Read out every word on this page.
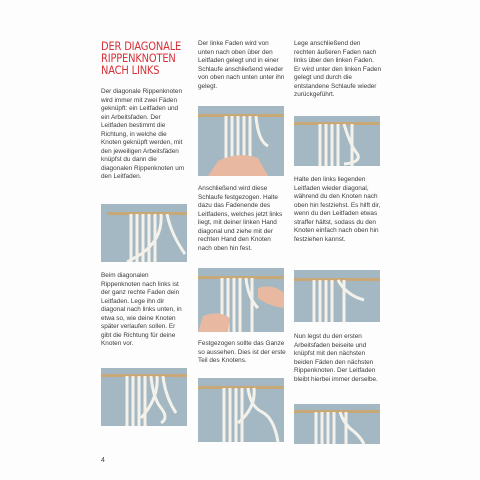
DER DIAGONALE RIPPENKNOTEN NACH LINKS
Der diagonale Rippenknoten wird immer mit zwei Fäden geknüpft: ein Leitfaden und ein Arbeitsfaden. Der Leitfaden bestimmt die Richtung, in welche die Knoten geknüpft werden, mit den jeweiligen Arbeitsfäden knüpfst du dann die diagonalen Rippenknoten um den Leitfaden.
Beim diagonalen Rippenknoten nach links ist der ganz rechte Faden dein Leitfaden. Lege ihn dir diagonal nach links unten, in etwa so, wie deine Knoten später verlaufen sollen. Er gibt die Richtung für deine Knoten vor.
Der linke Faden wird von unten nach oben über den Leitfaden gelegt und in einer Schlaufe anschließend wieder von oben nach unten unter ihn gelegt.
Anschließend wird diese Schlaufe festgezogen. Halte dazu das Fadenende des Leitfadens, welches jetzt links liegt, mit deiner linken Hand diagonal und ziehe mit der rechten Hand den Knoten nach oben hin fest.
Festgezogen sollte das Ganze so aussehen. Dies ist der erste Teil des Knotens.
Lege anschließend den rechten äußeren Faden nach links über den linken Faden. Er wird unter den linken Faden gelegt und durch die entstandene Schlaufe wieder zurückgeführt.
Halte den links liegenden Leitfaden wieder diagonal, während du den Knoten nach oben hin festziehst. Es hilft dir, wenn du den Leitfaden etwas straffer hältst, sodass du den Knoten einfach nach oben hin festziehen kannst.
Nun legst du den ersten Arbeitsfaden beiseite und knüpfst mit den nächsten beiden Fäden den nächsten Rippenknoten. Der Leitfaden bleibt hierbei immer derselbe.
4
